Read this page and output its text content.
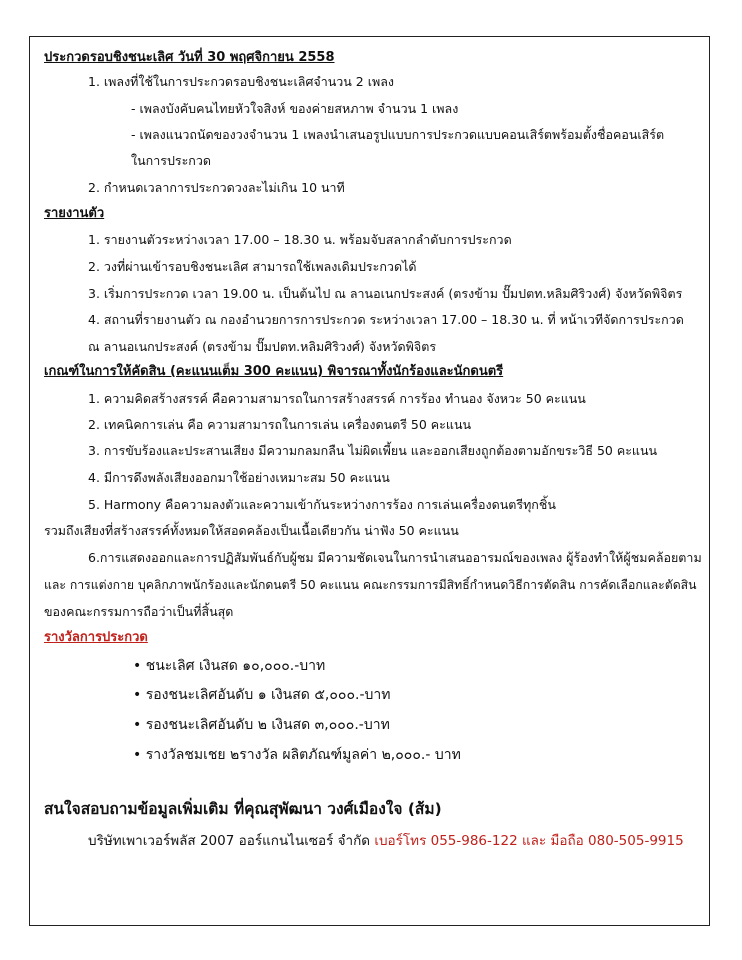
ประกวดรอบชิงชนะเลิศ วันที่ 30 พฤศจิกายน 2558
1. เพลงที่ใช้ในการประกวดรอบชิงชนะเลิศจำนวน 2 เพลง
- เพลงบังคับคนไทยหัวใจสิงห์ ของค่ายสหภาพ จำนวน 1 เพลง
- เพลงแนวถนัดของวงจำนวน 1 เพลงนำเสนอรูปแบบการประกวดแบบคอนเสิร์ตพร้อมตั้งชื่อคอนเสิร์ต
ในการประกวด
2. กำหนดเวลาการประกวดวงละไม่เกิน 10 นาที
รายงานตัว
1. รายงานตัวระหว่างเวลา 17.00 – 18.30 น. พร้อมจับสลากลำดับการประกวด
2. วงที่ผ่านเข้ารอบชิงชนะเลิศ สามารถใช้เพลงเดิมประกวดได้
3. เริ่มการประกวด เวลา 19.00 น. เป็นต้นไป ณ ลานอเนกประสงค์ (ตรงข้าม ปั๊มปตท.หลิมศิริวงศ์) จังหวัดพิจิตร
4. สถานที่รายงานตัว ณ กองอำนวยการการประกวด ระหว่างเวลา 17.00 – 18.30 น. ที่ หน้าเวทีจัดการประกวด
ณ ลานอเนกประสงค์ (ตรงข้าม ปั๊มปตท.หลิมศิริวงศ์) จังหวัดพิจิตร
เกณฑ์ในการให้คัดสิน (คะแนนเต็ม 300 คะแนน) พิจารณาทั้งนักร้องและนักดนตรี
1. ความคิดสร้างสรรค์ คือความสามารถในการสร้างสรรค์ การร้อง ทำนอง จังหวะ 50 คะแนน
2. เทคนิคการเล่น คือ ความสามารถในการเล่น เครื่องดนตรี 50 คะแนน
3. การขับร้องและประสานเสียง มีความกลมกลืน ไม่ผิดเพี้ยน และออกเสียงถูกต้องตามอักขระวิธี 50 คะแนน
4. มีการดึงพลังเสียงออกมาใช้อย่างเหมาะสม 50 คะแนน
5. Harmony คือความลงตัวและความเข้ากันระหว่างการร้อง การเล่นเครื่องดนตรีทุกชิ้น
รวมถึงเสียงที่สร้างสรรค์ทั้งหมดให้สอดคล้องเป็นเนื้อเดียวกัน น่าฟัง 50 คะแนน
6.การแสดงออกและการปฏิสัมพันธ์กับผู้ชม มีความชัดเจนในการนำเสนออารมณ์ของเพลง ผู้ร้องทำให้ผู้ชมคล้อยตาม
และ การแต่งกาย บุคลิกภาพนักร้องและนักดนตรี 50 คะแนน คณะกรรมการมีสิทธิ์กำหนดวิธีการตัดสิน การคัดเลือกและตัดสิน
ของคณะกรรมการถือว่าเป็นที่สิ้นสุด
รางวัลการประกวด
• ชนะเลิศ เงินสด ๑๐,๐๐๐.-บาท
• รองชนะเลิศอันดับ ๑ เงินสด ๕,๐๐๐.-บาท
• รองชนะเลิศอันดับ ๒ เงินสด ๓,๐๐๐.-บาท
• รางวัลชมเชย ๒รางวัล ผลิตภัณฑ์มูลค่า ๒,๐๐๐.- บาท
สนใจสอบถามข้อมูลเพิ่มเติม ที่คุณสุพัฒนา วงศ์เมืองใจ (ส้ม)
บริษัทเพาเวอร์พลัส 2007 ออร์แกนไนเซอร์ จำกัด เบอร์โทร 055-986-122 และ มือถือ 080-505-9915
